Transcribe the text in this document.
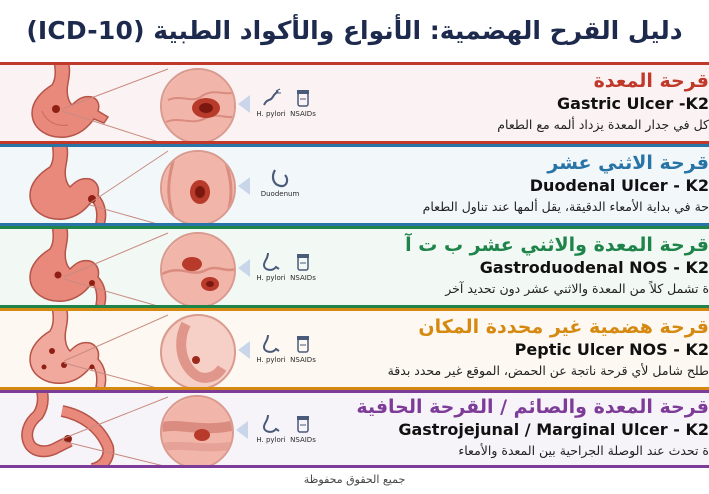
دليل القرح الهضمية: الأنواع والأكواد الطبية (ICD-10)
H. pylori NSAIDs
قرحة المعدة
Gastric Ulcer -K2
كل في جدار المعدة يزداد ألمه مع الطعام
Duodenum
قرحة الاثني عشر
Duodenal Ulcer - K2
حة في بداية الأمعاء الدقيقة، يقل ألمها عند تناول الطعام
H. pylori NSAIDs
قرحة المعدة والاثني عشر ب ت آ
Gastroduodenal NOS - K2
ة تشمل كلاً من المعدة والاثني عشر دون تحديد آخر
H. pylori NSAIDs
قرحة هضمية غير محددة المكان
Peptic Ulcer NOS - K2
طلح شامل لأي قرحة ناتجة عن الحمض، الموقع غير محدد بدقة
H. pylori NSAIDs
قرحة المعدة والصائم / القرحة الحافية
Gastrojejunal / Marginal Ulcer - K2
ة تحدث عند الوصلة الجراحية بين المعدة والأمعاء
جميع الحقوق محفوظة
